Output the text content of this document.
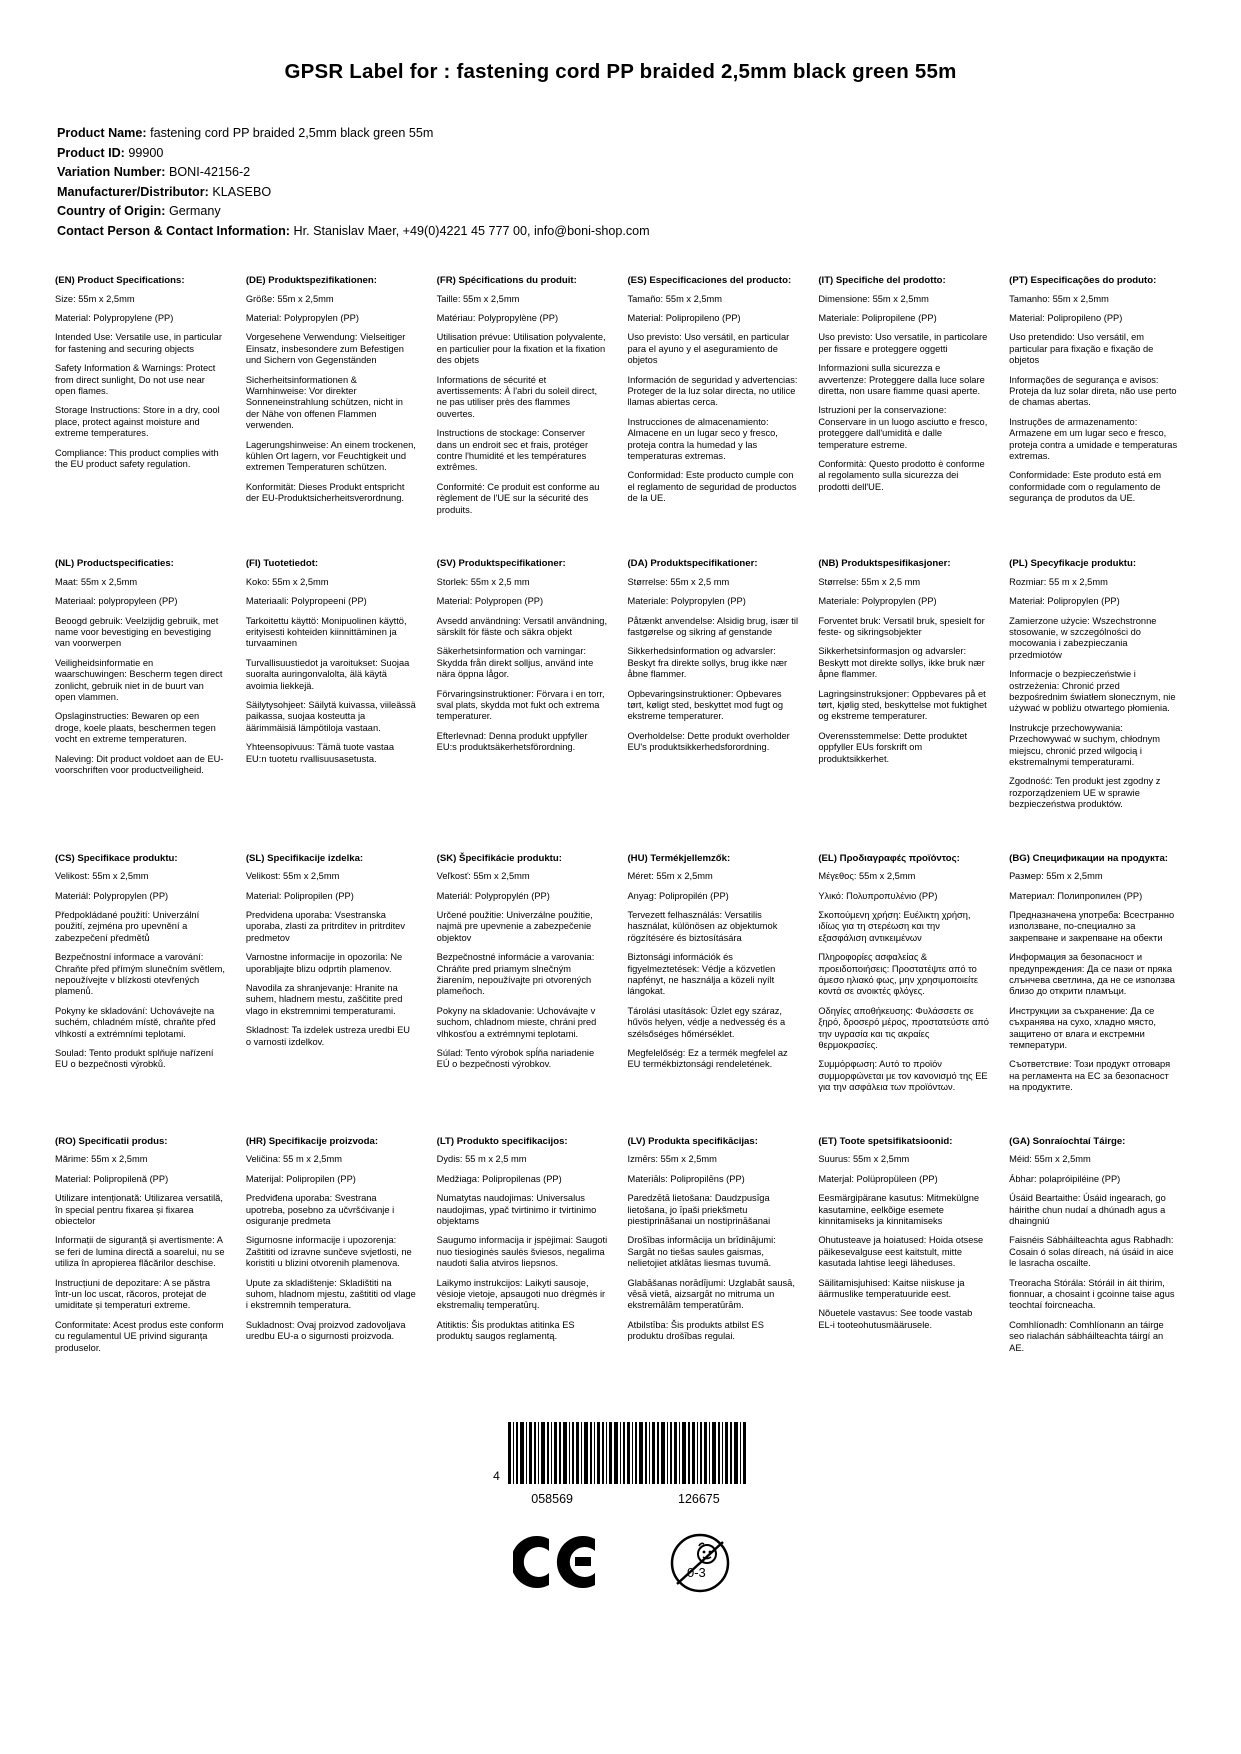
GPSR Label for : fastening cord PP braided 2,5mm black green 55m
Product Name: fastening cord PP braided 2,5mm black green 55m
Product ID: 99900
Variation Number: BONI-42156-2
Manufacturer/Distributor: KLASEBO
Country of Origin: Germany
Contact Person & Contact Information: Hr. Stanislav Maer, +49(0)4221 45 777 00, info@boni-shop.com
(EN) Product Specifications:

Size: 55m x 2,5mm

Material: Polypropylene (PP)

Intended Use: Versatile use, in particular for fastening and securing objects

Safety Information & Warnings: Protect from direct sunlight, Do not use near open flames.

Storage Instructions: Store in a dry, cool place, protect against moisture and extreme temperatures.

Compliance: This product complies with the EU product safety regulation.

(DE) Produktspezifikationen:

Größe: 55m x 2,5mm

Material: Polypropylen (PP)

Vorgesehene Verwendung: Vielseitiger Einsatz, insbesondere zum Befestigen und Sichern von Gegenständen

Sicherheitsinformationen & Warnhinweise: Vor direkter Sonneneinstrahlung schützen, nicht in der Nähe von offenen Flammen verwenden.

Lagerungshinweise: An einem trockenen, kühlen Ort lagern, vor Feuchtigkeit und extremen Temperaturen schützen.

Konformität: Dieses Produkt entspricht der EU-Produktsicherheitsverordnung.

(FR) Spécifications du produit:

Taille: 55m x 2,5mm

Matériau: Polypropylène (PP)

Utilisation prévue: Utilisation polyvalente, en particulier pour la fixation et la fixation des objets

Informations de sécurité et avertissements: À l'abri du soleil direct, ne pas utiliser près des flammes ouvertes.

Instructions de stockage: Conserver dans un endroit sec et frais, protéger contre l'humidité et les températures extrêmes.

Conformité: Ce produit est conforme au règlement de l'UE sur la sécurité des produits.

(ES) Especificaciones del producto:

Tamaño: 55m x 2,5mm

Material: Polipropileno (PP)

Uso previsto: Uso versátil, en particular para el ayuno y el aseguramiento de objetos

Información de seguridad y advertencias: Proteger de la luz solar directa, no utilice llamas abiertas cerca.

Instrucciones de almacenamiento: Almacene en un lugar seco y fresco, proteja contra la humedad y las temperaturas extremas.

Conformidad: Este producto cumple con el reglamento de seguridad de productos de la UE.

(IT) Specifiche del prodotto:

Dimensione: 55m x 2,5mm

Materiale: Polipropilene (PP)

Uso previsto: Uso versatile, in particolare per fissare e proteggere oggetti

Informazioni sulla sicurezza e avvertenze: Proteggere dalla luce solare diretta, non usare fiamme quasi aperte.

Istruzioni per la conservazione: Conservare in un luogo asciutto e fresco, proteggere dall'umidità e dalle temperature estreme.

Conformità: Questo prodotto è conforme al regolamento sulla sicurezza dei prodotti dell'UE.

(PT) Especificações do produto:

Tamanho: 55m x 2,5mm

Material: Polipropileno (PP)

Uso pretendido: Uso versátil, em particular para fixação e fixação de objetos

Informações de segurança e avisos: Proteja da luz solar direta, não use perto de chamas abertas.

Instruções de armazenamento: Armazene em um lugar seco e fresco, proteja contra a umidade e temperaturas extremas.

Conformidade: Este produto está em conformidade com o regulamento de segurança de produtos da UE.

(NL) Productspecificaties:

Maat: 55m x 2,5mm

Materiaal: polypropyleen (PP)

Beoogd gebruik: Veelzijdig gebruik, met name voor bevestiging en bevestiging van voorwerpen

Veiligheidsinformatie en waarschuwingen: Bescherm tegen direct zonlicht, gebruik niet in de buurt van open vlammen.

Opslaginstructies: Bewaren op een droge, koele plaats, beschermen tegen vocht en extreme temperaturen.

Naleving: Dit product voldoet aan de EU-voorschriften voor productveiligheid.

(FI) Tuotetiedot:

Koko: 55m x 2,5mm

Materiaali: Polypropeeni (PP)

Tarkoitettu käyttö: Monipuolinen käyttö, erityisesti kohteiden kiinnittäminen ja turvaaminen

Turvallisuustiedot ja varoitukset: Suojaa suoralta auringonvalolta, älä käytä avoimia liekkejä.

Säilytysohjeet: Säilytä kuivassa, viileässä paikassa, suojaa kosteutta ja äärimmäisiä lämpötiloja vastaan.

Yhteensopivuus: Tämä tuote vastaa EU:n tuotetu rvallisuusasetusta.

(SV) Produktspecifikationer:

Storlek: 55m x 2,5 mm

Material: Polypropen (PP)

Avsedd användning: Versatil användning, särskilt för fäste och säkra objekt

Säkerhetsinformation och varningar: Skydda från direkt solljus, använd inte nära öppna lågor.

Förvaringsinstruktioner: Förvara i en torr, sval plats, skydda mot fukt och extrema temperaturer.

Efterlevnad: Denna produkt uppfyller EU:s produktsäkerhetsförordning.

(DA) Produktspecifikationer:

Størrelse: 55m x 2,5 mm

Materiale: Polypropylen (PP)

Påtænkt anvendelse: Alsidig brug, især til fastgørelse og sikring af genstande

Sikkerhedsinformation og advarsler: Beskyt fra direkte sollys, brug ikke nær åbne flammer.

Opbevaringsinstruktioner: Opbevares tørt, køligt sted, beskyttet mod fugt og ekstreme temperaturer.

Overholdelse: Dette produkt overholder EU's produktsikkerhedsforordning.

(NB) Produktspesifikasjoner:

Størrelse: 55m x 2,5 mm

Materiale: Polypropylen (PP)

Forventet bruk: Versatil bruk, spesielt for feste- og sikringsobjekter

Sikkerhetsinformasjon og advarsler: Beskytt mot direkte sollys, ikke bruk nær åpne flammer.

Lagringsinstruksjoner: Oppbevares på et tørt, kjølig sted, beskyttelse mot fuktighet og ekstreme temperaturer.

Overensstemmelse: Dette produktet oppfyller EUs forskrift om produktsikkerhet.

(PL) Specyfikacje produktu:

Rozmiar: 55 m x 2,5mm

Materiał: Polipropylen (PP)

Zamierzone użycie: Wszechstronne stosowanie, w szczególności do mocowania i zabezpieczania przedmiotów

Informacje o bezpieczeństwie i ostrzeżenia: Chronić przed bezpośrednim światłem słonecznym, nie używać w pobliżu otwartego płomienia.

Instrukcje przechowywania: Przechowywać w suchym, chłodnym miejscu, chronić przed wilgocią i ekstremalnymi temperaturami.

Zgodność: Ten produkt jest zgodny z rozporządzeniem UE w sprawie bezpieczeństwa produktów.

(CS) Specifikace produktu:

Velikost: 55m x 2,5mm

Materiál: Polypropylen (PP)

Předpokládané použití: Univerzální použití, zejména pro upevnění a zabezpečení předmětů

Bezpečnostní informace a varování: Chraňte před přímým slunečním světlem, nepoužívejte v blízkosti otevřených plamenů.

Pokyny ke skladování: Uchovávejte na suchém, chladném místě, chraňte před vlhkostí a extrémními teplotami.

Soulad: Tento produkt splňuje nařízení EU o bezpečnosti výrobků.

(SL) Specifikacije izdelka:

Velikost: 55m x 2,5mm

Material: Polipropilen (PP)

Predvidena uporaba: Vsestranska uporaba, zlasti za pritrditev in pritrditev predmetov

Varnostne informacije in opozorila: Ne uporabljajte blizu odprtih plamenov.

Navodila za shranjevanje: Hranite na suhem, hladnem mestu, zaščitite pred vlago in ekstremnimi temperaturami.

Skladnost: Ta izdelek ustreza uredbi EU o varnosti izdelkov.

(SK) Špecifikácie produktu:

Veľkosť: 55m x 2,5mm

Materiál: Polypropylén (PP)

Určené použitie: Univerzálne použitie, najmä pre upevnenie a zabezpečenie objektov

Bezpečnostné informácie a varovania: Chráňte pred priamym slnečným žiarením, nepoužívajte pri otvorených plameňoch.

Pokyny na skladovanie: Uchovávajte v suchom, chladnom mieste, chráni pred vlhkosťou a extrémnymi teplotami.

Súlad: Tento výrobok spĺňa nariadenie EÚ o bezpečnosti výrobkov.

(HU) Termékjellemzők:

Méret: 55m x 2,5mm

Anyag: Polipropilén (PP)

Tervezett felhasználás: Versatilis használat, különösen az objektumok rögzítésére és biztosítására

Biztonsági információk és figyelmeztetések: Védje a közvetlen napfényt, ne használja a közeli nyílt lángokat.

Tárolási utasítások: Üzlet egy száraz, hűvös helyen, védje a nedvesség és a szélsőséges hőmérséklet.

Megfelelőség: Ez a termék megfelel az EU termékbiztonsági rendeletének.

(EL) Προδιαγραφές προϊόντος:

Μέγεθος: 55m x 2,5mm

Υλικό: Πολυπροπυλένιο (PP)

Σκοπούμενη χρήση: Ευέλικτη χρήση, ιδίως για τη στερέωση και την εξασφάλιση αντικειμένων

Πληροφορίες ασφαλείας & προειδοποιήσεις: Προστατέψτε από το άμεσο ηλιακό φως, μην χρησιμοποιείτε κοντά σε ανοικτές φλόγες.

Οδηγίες αποθήκευσης: Φυλάσσετε σε ξηρό, δροσερό μέρος, προστατεύστε από την υγρασία και τις ακραίες θερμοκρασίες.

Συμμόρφωση: Αυτό το προϊόν συμμορφώνεται με τον κανονισμό της ΕΕ για την ασφάλεια των προϊόντων.

(BG) Спецификации на продукта:

Размер: 55m x 2,5mm

Материал: Полипропилен (PP)

Предназначена употреба: Всестранно използване, по-специално за закрепване и закрепване на обекти

Информация за безопасност и предупреждения: Да се пази от пряка слънчева светлина, да не се използва близо до открити пламъци.

Инструкции за съхранение: Да се съхранява на сухо, хладно място, защитено от влага и екстремни температури.

Съответствие: Този продукт отговаря на регламента на ЕС за безопасност на продуктите.

(RO) Specificatii produs:

Mărime: 55m x 2,5mm

Material: Polipropilenă (PP)

Utilizare intenționată: Utilizarea versatilă, în special pentru fixarea și fixarea obiectelor

Informații de siguranță și avertismente: A se feri de lumina directă a soarelui, nu se utiliza în apropierea flăcărilor deschise.

Instrucțiuni de depozitare: A se păstra într-un loc uscat, răcoros, protejat de umiditate și temperaturi extreme.

Conformitate: Acest produs este conform cu regulamentul UE privind siguranța produselor.

(HR) Specifikacije proizvoda:

Veličina: 55 m x 2,5mm

Materijal: Polipropilen (PP)

Predviđena uporaba: Svestrana upotreba, posebno za učvršćivanje i osiguranje predmeta

Sigurnosne informacije i upozorenja: Zaštititi od izravne sunčeve svjetlosti, ne koristiti u blizini otvorenih plamenova.

Upute za skladištenje: Skladištiti na suhom, hladnom mjestu, zaštititi od vlage i ekstremnih temperatura.

Sukladnost: Ovaj proizvod zadovoljava uredbu EU-a o sigurnosti proizvoda.

(LT) Produkto specifikacijos:

Dydis: 55 m x 2,5 mm

Medžiaga: Polipropilenas (PP)

Numatytas naudojimas: Universalus naudojimas, ypač tvirtinimo ir tvirtinimo objektams

Saugumo informacija ir įspėjimai: Saugoti nuo tiesioginės saulės šviesos, negalima naudoti šalia atviros liepsnos.

Laikymo instrukcijos: Laikyti sausoje, vėsioje vietoje, apsaugoti nuo drėgmės ir ekstremalių temperatūrų.

Atitiktis: Šis produktas atitinka ES produktų saugos reglamentą.

(LV) Produkta specifikācijas:

Izmērs: 55m x 2,5mm

Materiāls: Polipropilēns (PP)

Paredzētā lietošana: Daudzpusīga lietošana, jo īpaši priekšmetu piestiprināšanai un nostiprināšanai

Drošības informācija un brīdinājumi: Sargāt no tiešas saules gaismas, nelietojiet atklātas liesmas tuvumā.

Glabāšanas norādījumi: Uzglabāt sausā, vēsā vietā, aizsargāt no mitruma un ekstremālām temperatūrām.

Atbilstība: Šis produkts atbilst ES produktu drošības regulai.

(ET) Toote spetsifikatsioonid:

Suurus: 55m x 2,5mm

Materjal: Polüpropüleen (PP)

Eesmärgipärane kasutus: Mitmekülgne kasutamine, eelkõige esemete kinnitamiseks ja kinnitamiseks

Ohutusteave ja hoiatused: Hoida otsese päikesevalguse eest kaitstult, mitte kasutada lahtise leegi läheduses.

Säilitamisjuhised: Kaitse niiskuse ja äärmuslike temperatuuride eest.

Nõuetele vastavus: See toode vastab EL-i tooteohutusmäärusele.

(GA) Sonraíochtaí Táirge:

Méid: 55m x 2,5mm

Ábhar: polapróipiléine (PP)

Úsáid Beartaithe: Úsáid ingearach, go háirithe chun nudaí a dhúnadh agus a dhaingniú

Faisnéis Sábháilteachta agus Rabhadh: Cosain ó solas díreach, ná úsáid in aice le lasracha oscailte.

Treoracha Stórála: Stóráil in áit thirim, fionnuar, a chosaint i gcoinne taise agus teochtaí foircneacha.

Comhlíonadh: Comhlíonann an táirge seo rialachán sábháilteachta táirgí an AE.

4
058569	126675
0-3
